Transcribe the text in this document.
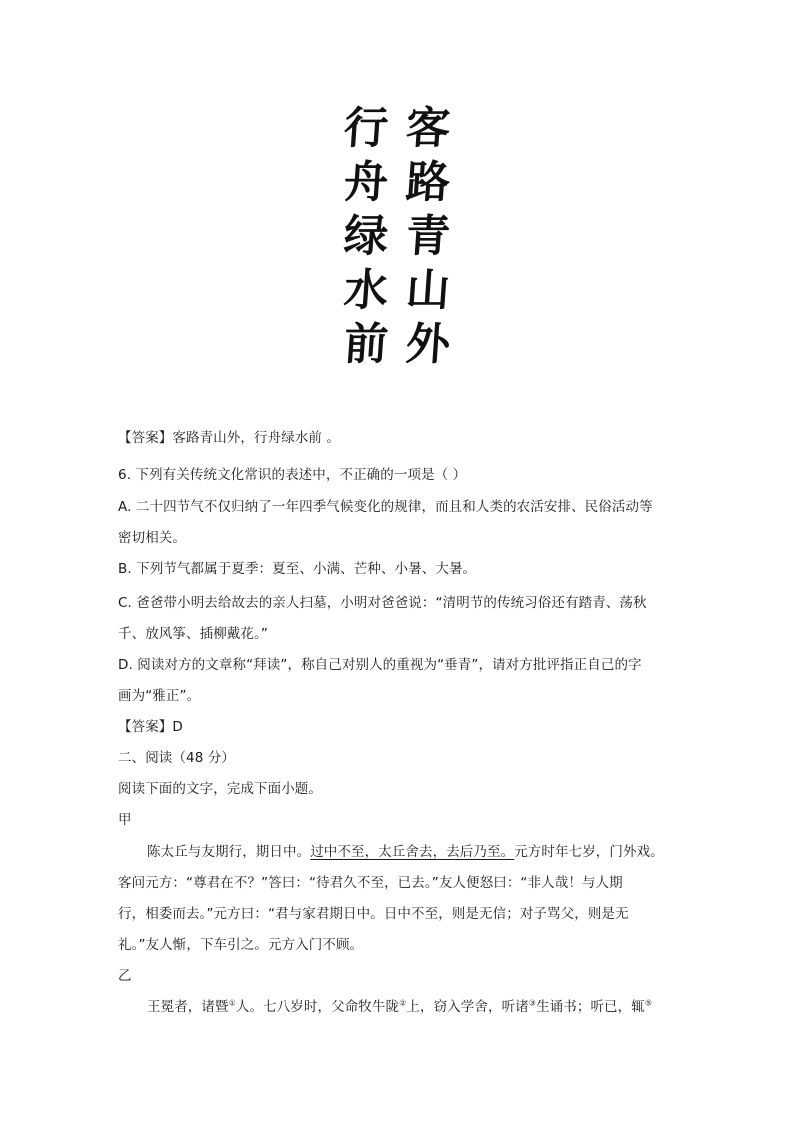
客
路
青
山
外
行
舟
绿
水
前
【答案】客路青山外，行舟绿水前 。
6. 下列有关传统文化常识的表述中，不正确的一项是（ ）
A. 二十四节气不仅归纳了一年四季气候变化的规律，而且和人类的农活安排、民俗活动等
密切相关。
B. 下列节气都属于夏季：夏至、小满、芒种、小暑、大暑。
C. 爸爸带小明去给故去的亲人扫墓，小明对爸爸说：“清明节的传统习俗还有踏青、荡秋
千、放风筝、插柳戴花。”
D. 阅读对方的文章称“拜读”，称自己对别人的重视为“垂青”，请对方批评指正自己的字
画为“雅正”。
【答案】D
二、阅读（48 分）
阅读下面的文字，完成下面小题。
甲
陈太丘与友期行，期日中。过中不至，太丘舍去，去后乃至。元方时年七岁，门外戏。
客问元方：“尊君在不？”答曰：“待君久不至，已去。”友人便怒曰：“非人哉！与人期
行，相委而去。”元方曰：“君与家君期日中。日中不至，则是无信；对子骂父，则是无
礼。”友人惭，下车引之。元方入门不顾。
乙
王冕者，诸暨①人。七八岁时，父命牧牛陇②上，窃入学舍，听诸③生诵书；听已，辄⑤
